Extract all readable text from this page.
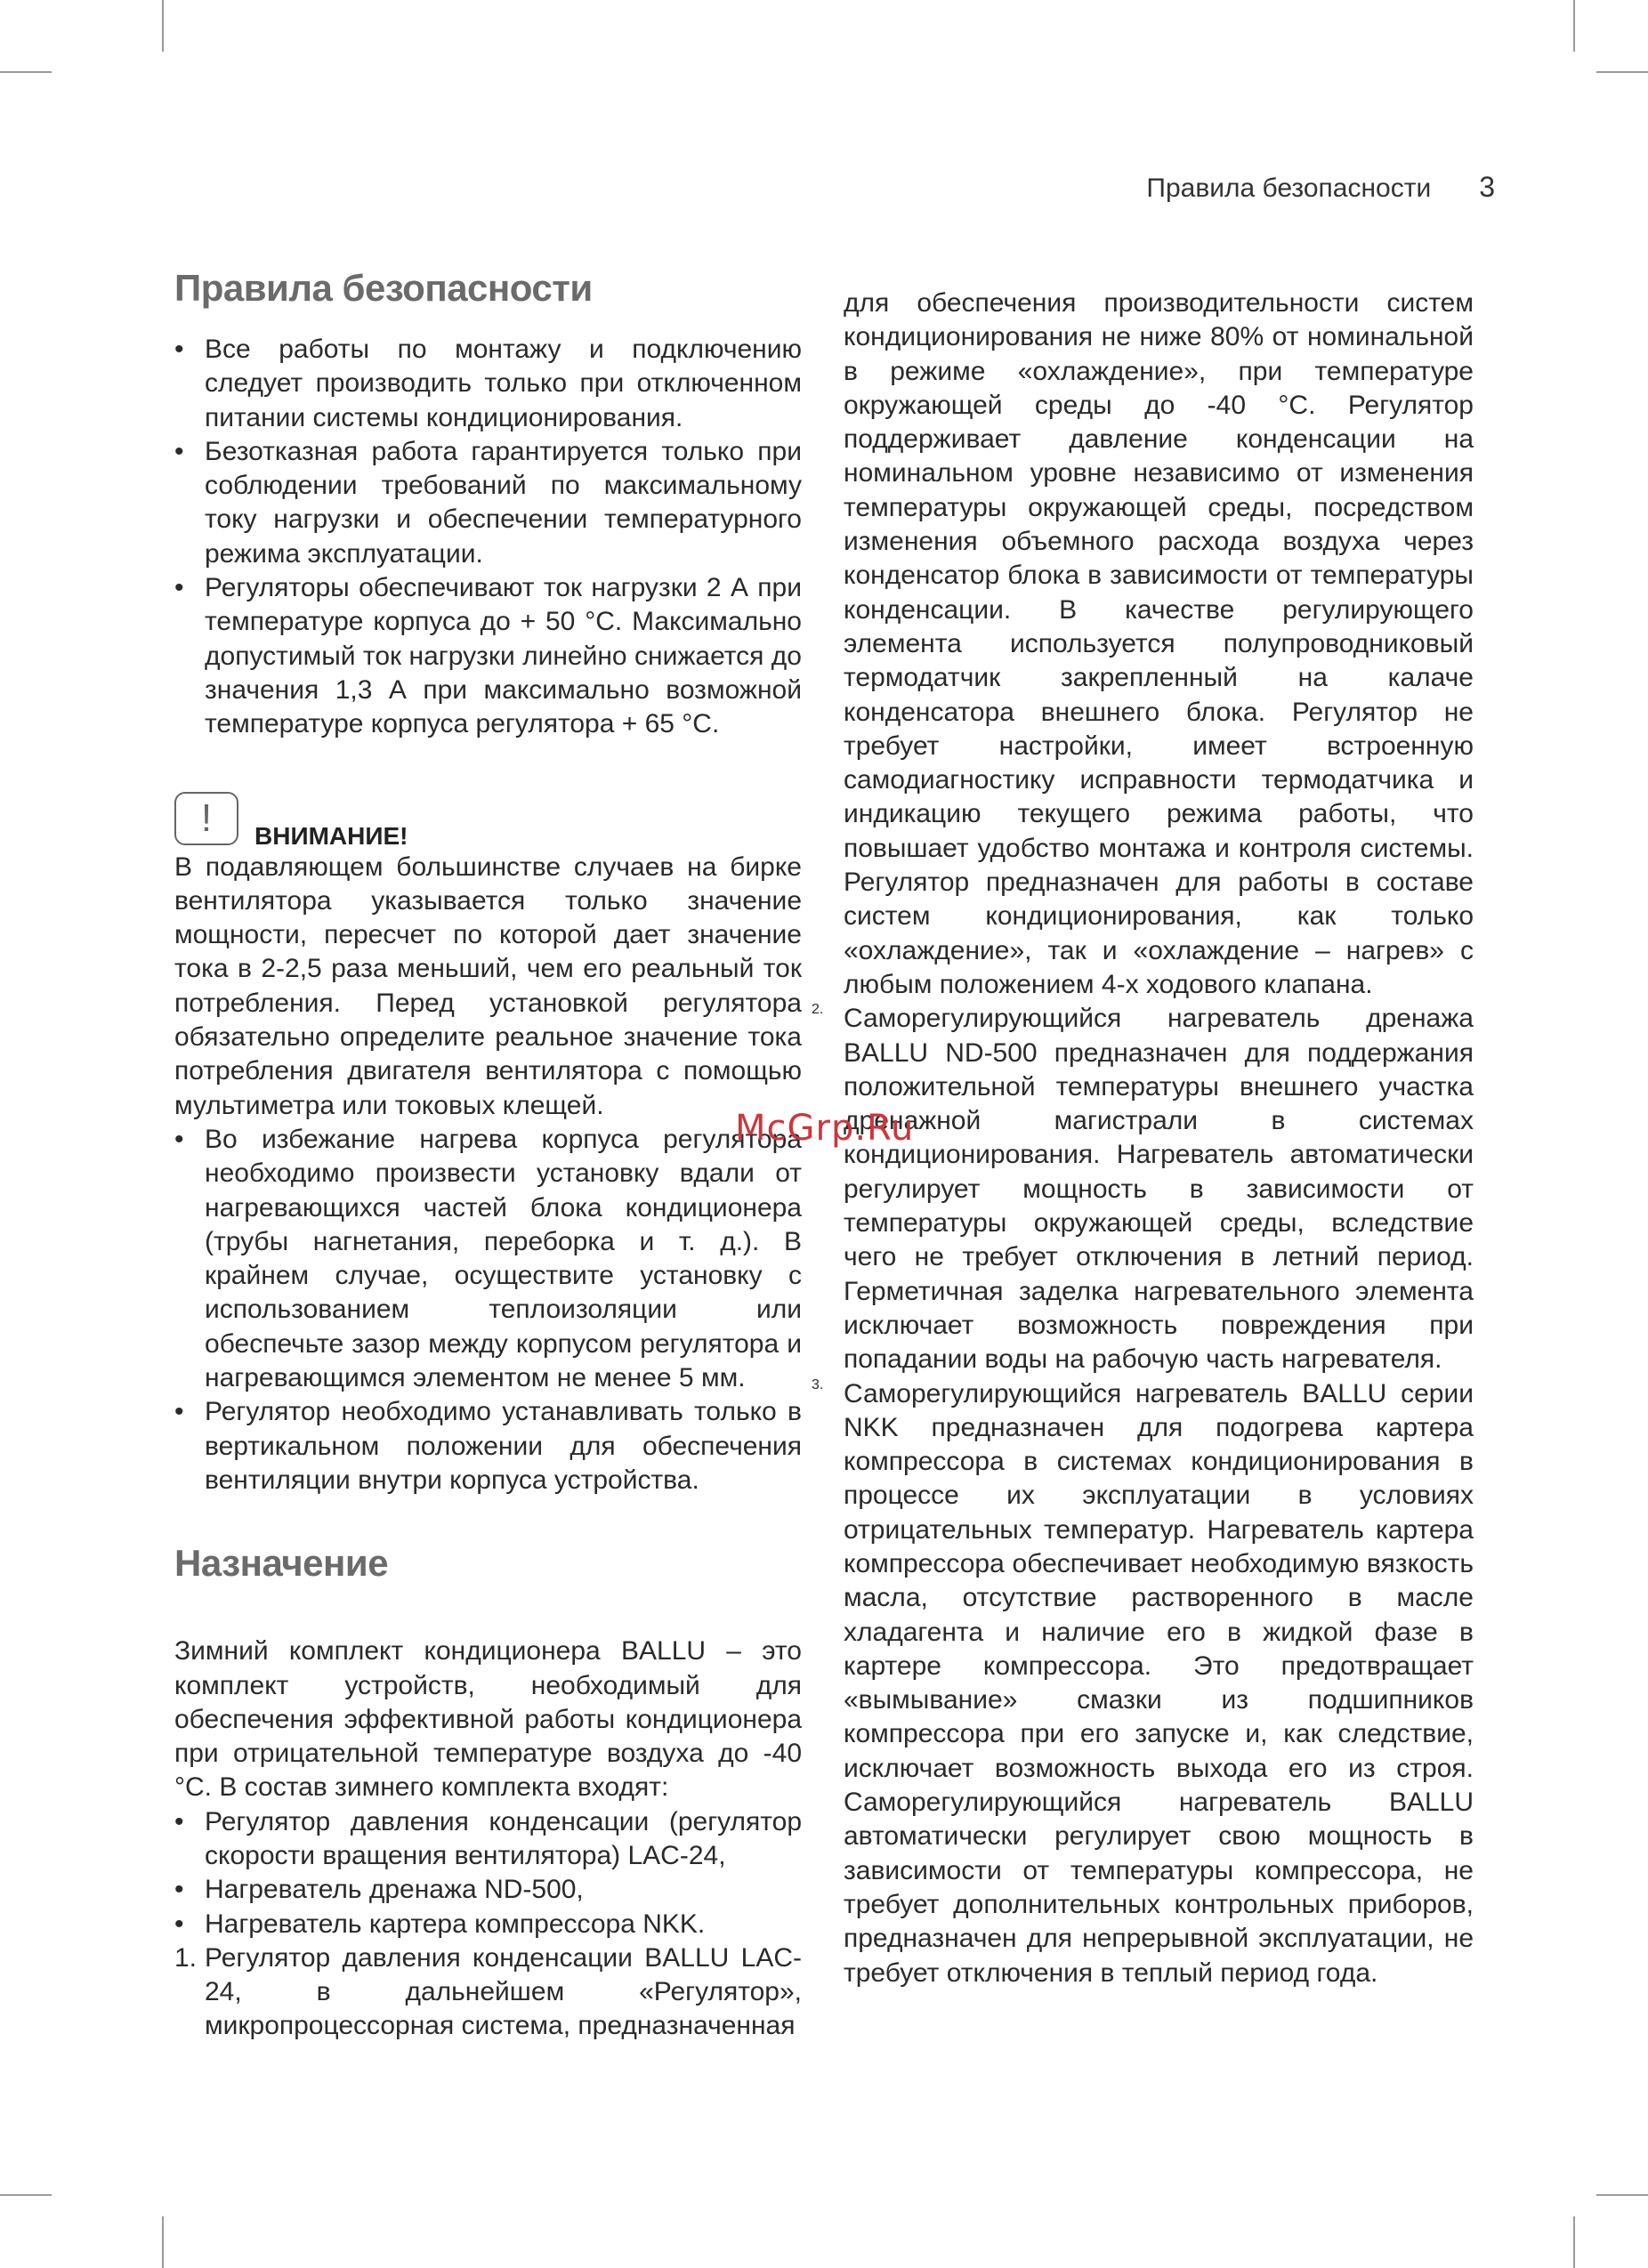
Правила безопасности 3
Правила безопасности
• Все работы по монтажу и подключению следует производить только при отключенном питании системы кондиционирования.
• Безотказная работа гарантируется только при соблюдении требований по максимальному току нагрузки и обеспечении температурного режима эксплуатации.
• Регуляторы обеспечивают ток нагрузки 2 А при температуре корпуса до + 50 °С. Максимально допустимый ток нагрузки линейно снижается до значения 1,3 А при максимально возможной температуре корпуса регулятора + 65 °С.
!	ВНИМАНИЕ!

В подавляющем большинстве случаев на бирке вентилятора указывается только значение мощности, пересчет по которой дает значение тока в 2-2,5 раза меньший, чем его реальный ток потребления. Перед установкой регулятора обязательно определите реальное значение тока потребления двигателя вентилятора с помощью мультиметра или токовых клещей.

• Во избежание нагрева корпуса регулятора необходимо произвести установку вдали от нагревающихся частей блока кондиционера (трубы нагнетания, переборка и т. д.). В крайнем случае, осуществите установку с использованием теплоизоляции или обеспечьте зазор между корпусом регулятора и нагревающимся элементом не менее 5 мм.
• Регулятор необходимо устанавливать только в вертикальном положении для обеспечения вентиляции внутри корпуса устройства.
Назначение

Зимний комплект кондиционера BALLU – это комплект устройств, необходимый для обеспечения эффективной работы кондиционера при отрицательной температуре воздуха до -40 °С. В состав зимнего комплекта входят:

• Регулятор давления конденсации (регулятор скорости вращения вентилятора) LAC-24,
• Нагреватель дренажа ND-500,
• Нагреватель картера компрессора NKK.
1. Регулятор давления конденсации BALLU LAC-24, в дальнейшем «Регулятор», микропроцессорная система, предназначенная

для обеспечения производительности систем кондиционирования не ниже 80% от номинальной в режиме «охлаждение», при температуре окружающей среды до -40 °С. Регулятор поддерживает давление конденсации на номинальном уровне независимо от изменения температуры окружающей среды, посредством изменения объемного расхода воздуха через конденсатор блока в зависимости от температуры конденсации. В качестве регулирующего элемента используется полупроводниковый термодатчик закрепленный на калаче конденсатора внешнего блока. Регулятор не требует настройки, имеет встроенную самодиагностику исправности термодатчика и индикацию текущего режима работы, что повышает удобство монтажа и контроля системы. Регулятор предназначен для работы в составе систем кондиционирования, как только «охлаждение», так и «охлаждение – нагрев» с любым положением 4-х ходового клапана.

2. Саморегулирующийся нагреватель дренажа BALLU ND-500 предназначен для поддержания положительной температуры внешнего участка дренажной магистрали в системах кондиционирования. Нагреватель автоматически регулирует мощность в зависимости от температуры окружающей среды, вследствие чего не требует отключения в летний период. Герметичная заделка нагревательного элемента исключает возможность повреждения при попадании воды на рабочую часть нагревателя.

3. Саморегулирующийся нагреватель BALLU серии NKK предназначен для подогрева картера компрессора в системах кондиционирования в процессе их эксплуатации в условиях отрицательных температур. Нагреватель картера компрессора обеспечивает необходимую вязкость масла, отсутствие растворенного в масле хладагента и наличие его в жидкой фазе в картере компрессора. Это предотвращает «вымывание» смазки из подшипников компрессора при его запуске и, как следствие, исключает возможность выхода его из строя. Саморегулирующийся нагреватель BALLU автоматически регулирует свою мощность в зависимости от температуры компрессора, не требует дополнительных контрольных приборов, предназначен для непрерывной эксплуатации, не требует отключения в теплый период года.

McGrp.Ru
